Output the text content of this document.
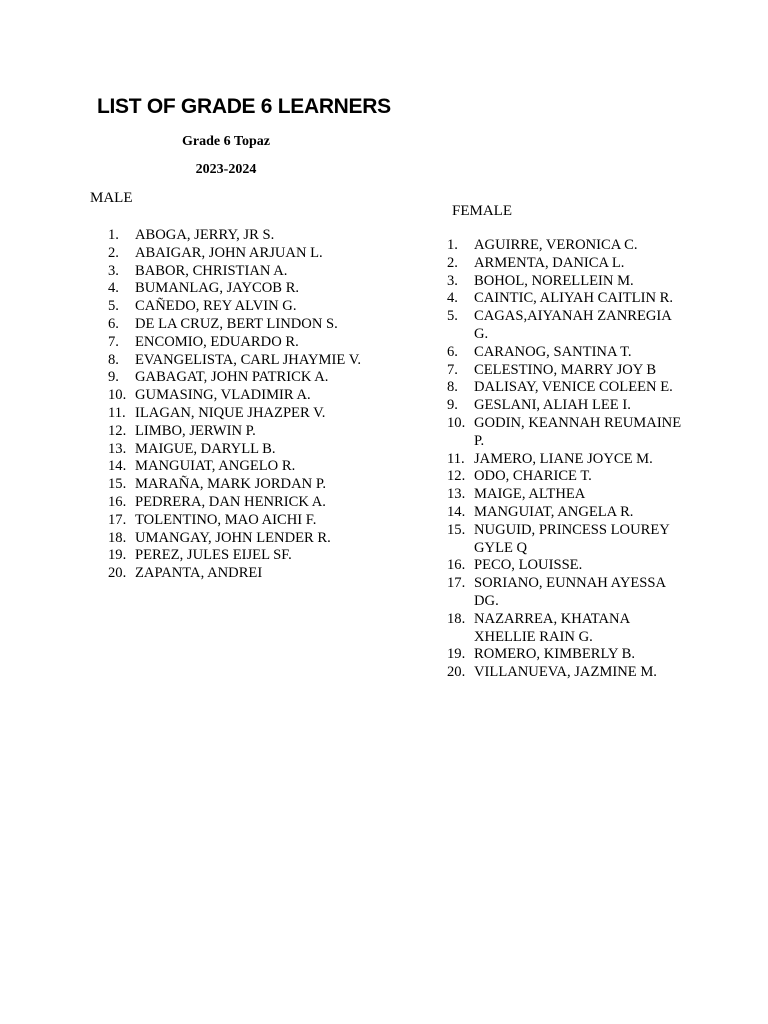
LIST OF GRADE 6 LEARNERS
Grade 6 Topaz
2023-2024
MALE
1.	ABOGA, JERRY, JR S.
2.	ABAIGAR, JOHN ARJUAN L.
3.	BABOR, CHRISTIAN A.
4.	BUMANLAG, JAYCOB R.
5.	CAÑEDO, REY ALVIN G.
6.	DE LA CRUZ, BERT LINDON S.
7.	ENCOMIO, EDUARDO R.
8.	EVANGELISTA, CARL JHAYMIE V.
9.	GABAGAT, JOHN PATRICK A.
10. GUMASING, VLADIMIR A.
11. ILAGAN, NIQUE JHAZPER V.
12. LIMBO, JERWIN P.
13. MAIGUE, DARYLL B.
14. MANGUIAT, ANGELO R.
15. MARAÑA, MARK JORDAN P.
16. PEDRERA, DAN HENRICK A.
17. TOLENTINO, MAO AICHI F.
18. UMANGAY, JOHN LENDER R.
19. PEREZ, JULES EIJEL SF.
20. ZAPANTA, ANDREI
FEMALE
1.	AGUIRRE, VERONICA C.
2.	ARMENTA, DANICA L.
3.	BOHOL, NORELLEIN M.
4.	CAINTIC, ALIYAH CAITLIN R.
5.	CAGAS,AIYANAH ZANREGIA G.
6.	CARANOG, SANTINA T.
7.	CELESTINO, MARRY JOY B
8.	DALISAY, VENICE COLEEN E.
9.	GESLANI, ALIAH LEE I.
10. GODIN, KEANNAH REUMAINE P.
11. JAMERO, LIANE JOYCE M.
12. ODO, CHARICE T.
13. MAIGE, ALTHEA
14. MANGUIAT, ANGELA R.
15. NUGUID, PRINCESS LOUREY GYLE Q
16. PECO, LOUISSE.
17. SORIANO, EUNNAH AYESSA DG.
18. NAZARREA, KHATANA XHELLIE RAIN G.
19. ROMERO, KIMBERLY B.
20. VILLANUEVA, JAZMINE M.
